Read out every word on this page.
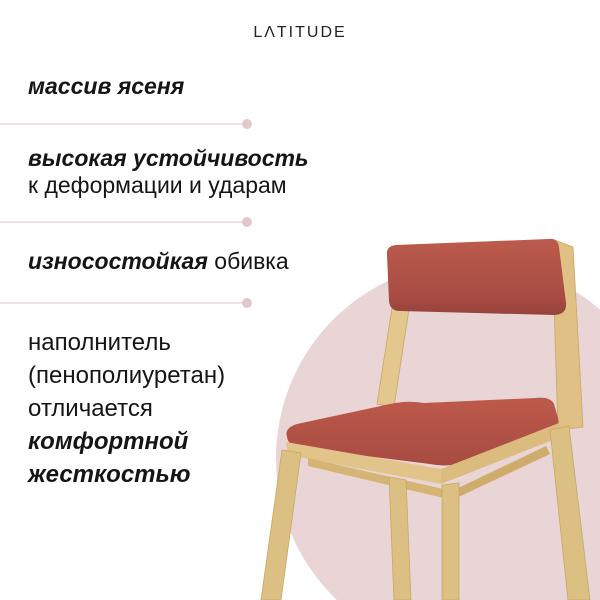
LΛTITUDE

массив ясеня

высокая устойчивость

к деформации и ударам

износостойкая обивка

наполнитель

(пенополиуретан)

отличается

комфортной

жесткостью
